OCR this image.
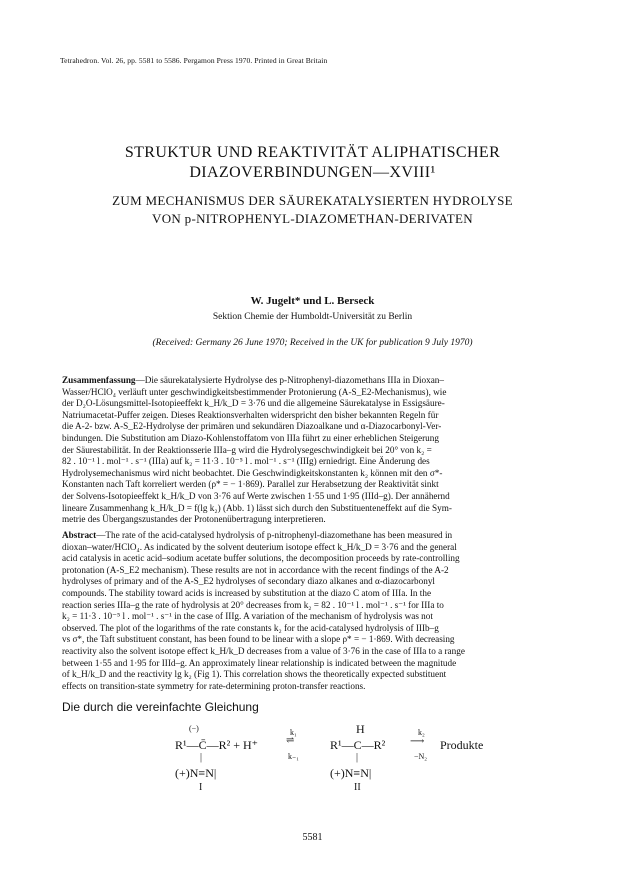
Tetrahedron. Vol. 26, pp. 5581 to 5586. Pergamon Press 1970. Printed in Great Britain
STRUKTUR UND REAKTIVITÄT ALIPHATISCHER
DIAZOVERBINDUNGEN—XVIII¹
ZUM MECHANISMUS DER SÄUREKATALYSIERTEN HYDROLYSE
VON p-NITROPHENYL-DIAZOMETHAN-DERIVATEN
W. Jugelt* und L. Berseck
Sektion Chemie der Humboldt-Universität zu Berlin
(Received: Germany 26 June 1970; Received in the UK for publication 9 July 1970)
Zusammenfassung—Die säurekatalysierte Hydrolyse des p-Nitrophenyl-diazomethans IIIa in Dioxan–
Wasser/HClO₄ verläuft unter geschwindigkeitsbestimmender Protonierung (A-S_E2-Mechanismus), wie
der D₂O-Lösungsmittel-Isotopieeffekt k_H/k_D = 3·76 und die allgemeine Säurekatalyse in Essigsäure-
Natriumacetat-Puffer zeigen. Dieses Reaktionsverhalten widerspricht den bisher bekannten Regeln für
die A-2- bzw. A-S_E2-Hydrolyse der primären und sekundären Diazoalkane und α-Diazocarbonyl-Ver-
bindungen. Die Substitution am Diazo-Kohlenstoffatom von IIIa führt zu einer erheblichen Steigerung
der Säurestabilität. In der Reaktionsserie IIIa–g wird die Hydrolysegeschwindigkeit bei 20° von k₂ =
82 . 10⁻¹ l . mol⁻¹ . s⁻¹ (IIIa) auf k₂ = 11·3 . 10⁻⁵ l . mol⁻¹ . s⁻¹ (IIIg) erniedrigt. Eine Änderung des
Hydrolysemechanismus wird nicht beobachtet. Die Geschwindigkeitskonstanten k₂ können mit den σ*-
Konstanten nach Taft korreliert werden (ρ* = − 1·869). Parallel zur Herabsetzung der Reaktivität sinkt
der Solvens-Isotopieeffekt k_H/k_D von 3·76 auf Werte zwischen 1·55 und 1·95 (IIId–g). Der annähernd
lineare Zusammenhang k_H/k_D = f(lg k₂) (Abb. 1) lässt sich durch den Substituenteneffekt auf die Sym-
metrie des Übergangszustandes der Protonenübertragung interpretieren.
Abstract—The rate of the acid-catalysed hydrolysis of p-nitrophenyl-diazomethane has been measured in
dioxan–water/HClO₄. As indicated by the solvent deuterium isotope effect k_H/k_D = 3·76 and the general
acid catalysis in acetic acid–sodium acetate buffer solutions, the decomposition proceeds by rate-controlling
protonation (A-S_E2 mechanism). These results are not in accordance with the recent findings of the A-2
hydrolyses of primary and of the A-S_E2 hydrolyses of secondary diazo alkanes and α-diazocarbonyl
compounds. The stability toward acids is increased by substitution at the diazo C atom of IIIa. In the
reaction series IIIa–g the rate of hydrolysis at 20° decreases from k₂ = 82 . 10⁻¹ l . mol⁻¹ . s⁻¹ for IIIa to
k₂ = 11·3 . 10⁻⁵ l . mol⁻¹ . s⁻¹ in the case of IIIg. A variation of the mechanism of hydrolysis was not
observed. The plot of the logarithms of the rate constants k₂ for the acid-catalysed hydrolysis of IIIb–g
vs σ*, the Taft substituent constant, has been found to be linear with a slope ρ* = − 1·869. With decreasing
reactivity also the solvent isotope effect k_H/k_D decreases from a value of 3·76 in the case of IIIa to a range
between 1·55 and 1·95 for IIId–g. An approximately linear relationship is indicated between the magnitude
of k_H/k_D and the reactivity lg k₂ (Fig 1). This correlation shows the theoretically expected substituent
effects on transition-state symmetry for rate-determining proton-transfer reactions.
Die durch die vereinfachte Gleichung
(−)	H
R¹—C̄—R² + H⁺
k₁
⇌
k₋₁
R¹—C—R²
k₂
⟶
−N₂
Produkte
|	|
(+)N≡N|	(+)N≡N|
I	II
5581
